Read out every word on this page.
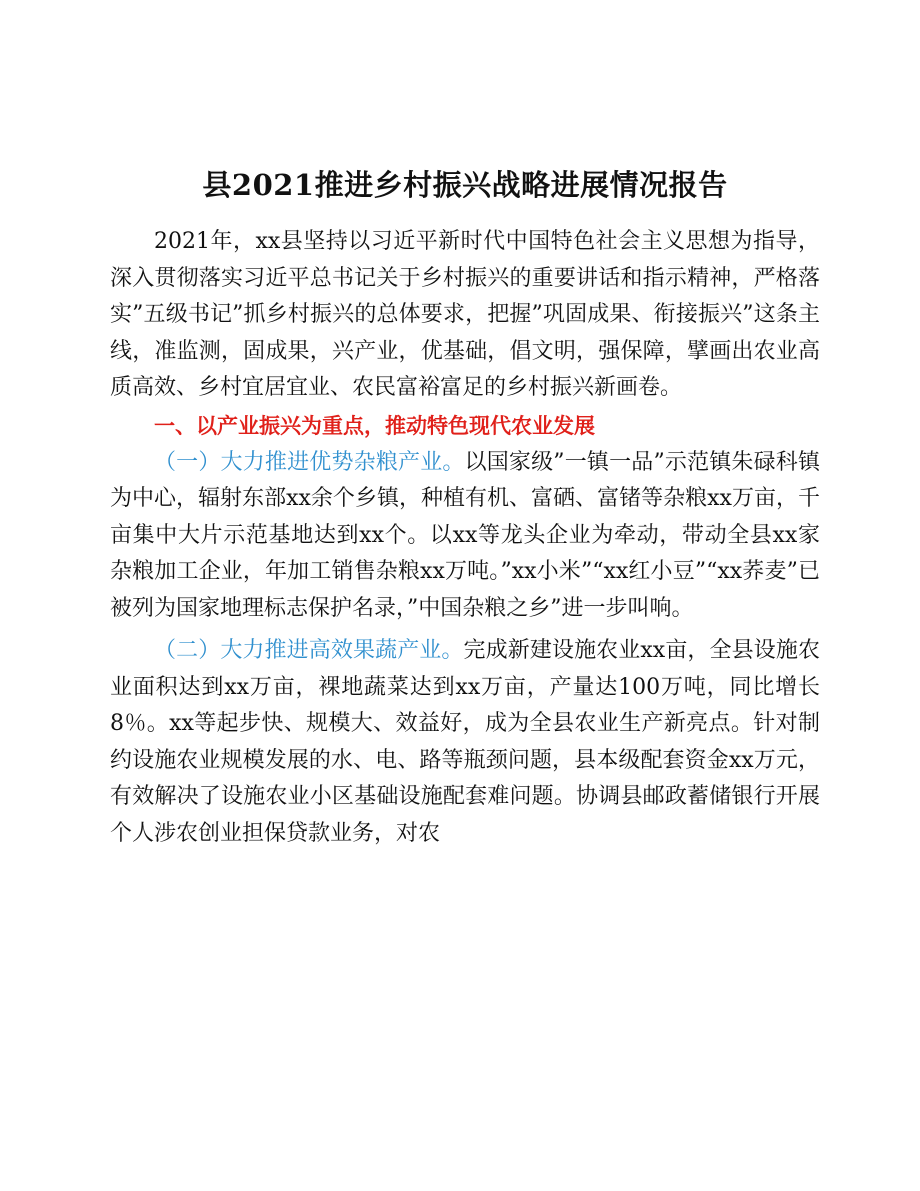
县2021推进乡村振兴战略进展情况报告

2021年，xx县坚持以习近平新时代中国特色社会主义思想为指导，深入贯彻落实习近平总书记关于乡村振兴的重要讲话和指示精神，严格落实”五级书记”抓乡村振兴的总体要求，把握”巩固成果、衔接振兴”这条主线，准监测，固成果，兴产业，优基础，倡文明，强保障，擘画出农业高质高效、乡村宜居宜业、农民富裕富足的乡村振兴新画卷。

一、以产业振兴为重点，推动特色现代农业发展

（一）大力推进优势杂粮产业。以国家级”一镇一品”示范镇朱碌科镇为中心，辐射东部xx余个乡镇，种植有机、富硒、富锗等杂粮xx万亩，千亩集中大片示范基地达到xx个。以xx等龙头企业为牵动，带动全县xx家杂粮加工企业，年加工销售杂粮xx万吨。”xx小米”“xx红小豆”“xx荞麦”已被列为国家地理标志保护名录，”中国杂粮之乡”进一步叫响。

（二）大力推进高效果蔬产业。完成新建设施农业xx亩，全县设施农业面积达到xx万亩，裸地蔬菜达到xx万亩，产量达100万吨，同比增长8％。xx等起步快、规模大、效益好，成为全县农业生产新亮点。针对制约设施农业规模发展的水、电、路等瓶颈问题，县本级配套资金xx万元，有效解决了设施农业小区基础设施配套难问题。协调县邮政蓄储银行开展个人涉农创业担保贷款业务，对农
